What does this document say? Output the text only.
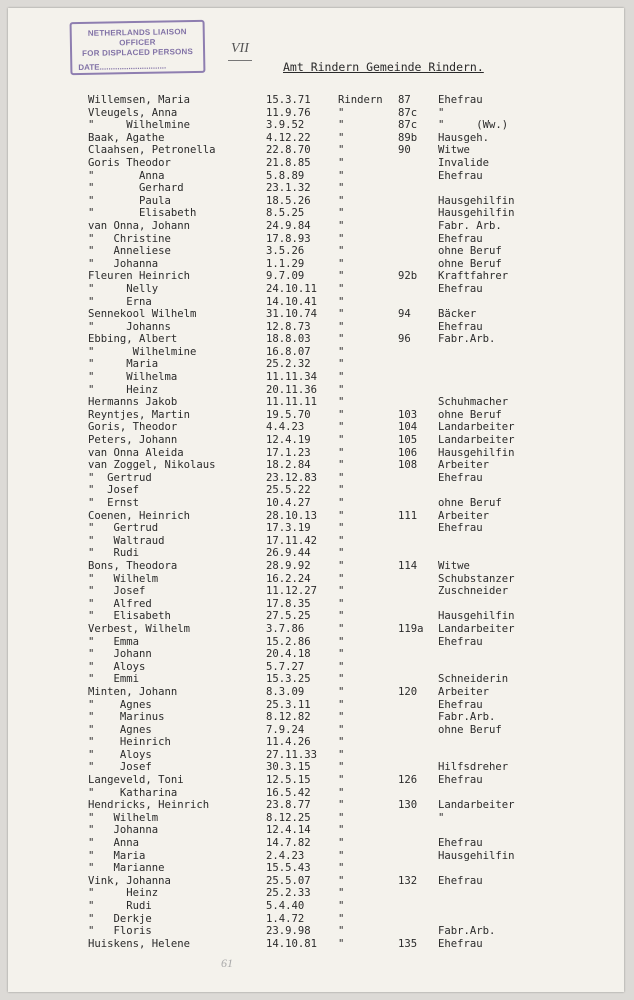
NETHERLANDS LIAISON OFFICER
FOR DISPLACED PERSONS
DATE..............................
VII
Amt Rindern Gemeinde Rindern.
Willemsen, Maria	15.3.71	Rindern 87	Ehefrau
Vleugels, Anna	11.9.76	"	87c "
"     Wilhelmine	3.9.52	"	87c "     (Ww.)
Baak, Agathe	4.12.22	"	89b Hausgeh.
Claahsen, Petronella	22.8.70	"	90	Witwe
Goris Theodor	21.8.85	"	Invalide
"       Anna	5.8.89	"	Ehefrau
"       Gerhard	23.1.32	"
"       Paula	18.5.26	"	Hausgehilfin
"       Elisabeth	8.5.25	"	Hausgehilfin
van Onna, Johann	24.9.84	"	Fabr. Arb.
"   Christine	17.8.93	"	Ehefrau
"   Anneliese	3.5.26	"	ohne Beruf
"   Johanna	1.1.29	"	ohne Beruf
Fleuren Heinrich	9.7.09	"	92b Kraftfahrer
"     Nelly	24.10.11 "	Ehefrau
"     Erna	14.10.41 "
Sennekool Wilhelm	31.10.74 "	94	Bäcker
"     Johanns	12.8.73	"	Ehefrau
Ebbing, Albert	18.8.03	"	96	Fabr.Arb.
"      Wilhelmine	16.8.07	"
"     Maria	25.2.32	"
"     Wilhelma	11.11.34 "
"     Heinz	20.11.36 "
Hermanns Jakob	11.11.11 "	Schuhmacher
Reyntjes, Martin	19.5.70	"	103 ohne Beruf
Goris, Theodor	4.4.23	"	104 Landarbeiter
Peters, Johann	12.4.19	"	105 Landarbeiter
van Onna Aleida	17.1.23	"	106 Hausgehilfin
van Zoggel, Nikolaus	18.2.84	"	108 Arbeiter
"  Gertrud	23.12.83 "	Ehefrau
"  Josef	25.5.22	"
"  Ernst	10.4.27	"	ohne Beruf
Coenen, Heinrich	28.10.13 "	111 Arbeiter
"   Gertrud	17.3.19	"	Ehefrau
"   Waltraud	17.11.42 "
"   Rudi	26.9.44	"
Bons, Theodora	28.9.92	"	114 Witwe
"   Wilhelm	16.2.24	"	Schubstanzer
"   Josef	11.12.27 "	Zuschneider
"   Alfred	17.8.35	"
"   Elisabeth	27.5.25	"	Hausgehilfin
Verbest, Wilhelm	3.7.86	"	119a Landarbeiter
"   Emma	15.2.86	"	Ehefrau
"   Johann	20.4.18	"
"   Aloys	5.7.27	"
"   Emmi	15.3.25	"	Schneiderin
Minten, Johann	8.3.09	"	120 Arbeiter
"    Agnes	25.3.11	"	Ehefrau
"    Marinus	8.12.82	"	Fabr.Arb.
"    Agnes	7.9.24	"	ohne Beruf
"    Heinrich	11.4.26	"
"    Aloys	27.11.33 "
"    Josef	30.3.15	"	Hilfsdreher
Langeveld, Toni	12.5.15	"	126 Ehefrau
"    Katharina	16.5.42	"
Hendricks, Heinrich	23.8.77	"	130 Landarbeiter
"   Wilhelm	8.12.25	"	"
"   Johanna	12.4.14	"
"   Anna	14.7.82	"	Ehefrau
"   Maria	2.4.23	"	Hausgehilfin
"   Marianne	15.5.43	"
Vink, Johanna	25.5.07	"	132 Ehefrau
"     Heinz	25.2.33	"
"     Rudi	5.4.40	"
"   Derkje	1.4.72	"
"   Floris	23.9.98	"	Fabr.Arb.
Huiskens, Helene	14.10.81 "	135 Ehefrau
61
